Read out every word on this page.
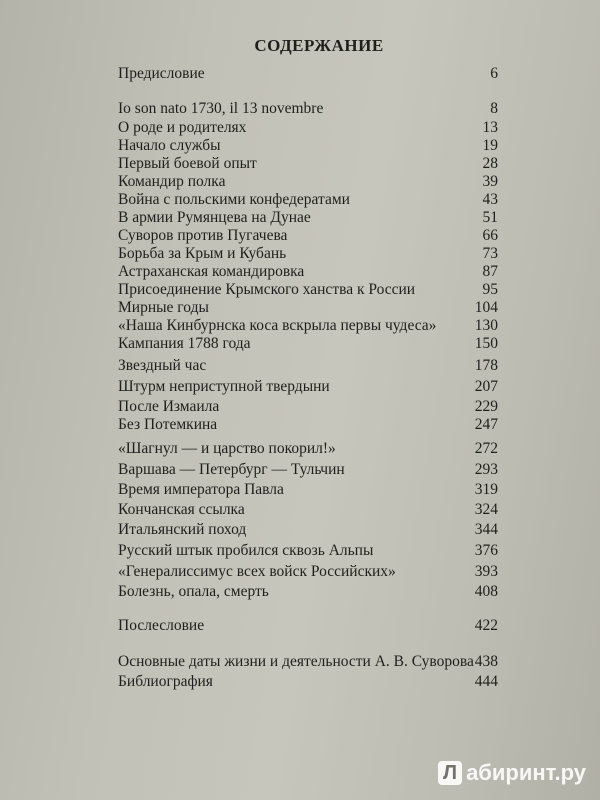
СОДЕРЖАНИЕ
Предисловие	6
Io son nato 1730, il 13 novembre	8
О роде и родителях	13
Начало службы	19
Первый боевой опыт	28
Командир полка	39
Война с польскими конфедератами	43
В армии Румянцева на Дунае	51
Суворов против Пугачева	66
Борьба за Крым и Кубань	73
Астраханская командировка	87
Присоединение Крымского ханства к России	95
Мирные годы	104
«Наша Кинбурнска коса вскрыла первы чудеса» 130
Кампания 1788 года	150
Звездный час	178
Штурм неприступной твердыни	207
После Измаила	229
Без Потемкина	247
«Шагнул — и царство покорил!»	272
Варшава — Петербург — Тульчин	293
Время императора Павла	319
Кончанская ссылка	324
Итальянский поход	344
Русский штык пробился сквозь Альпы	376
«Генералиссимус всех войск Российских»	393
Болезнь, опала, смерть	408
Послесловие	422
Основные даты жизни и деятельности А. В. Суворова 438
Библиография	444
Л абиринт.ру
